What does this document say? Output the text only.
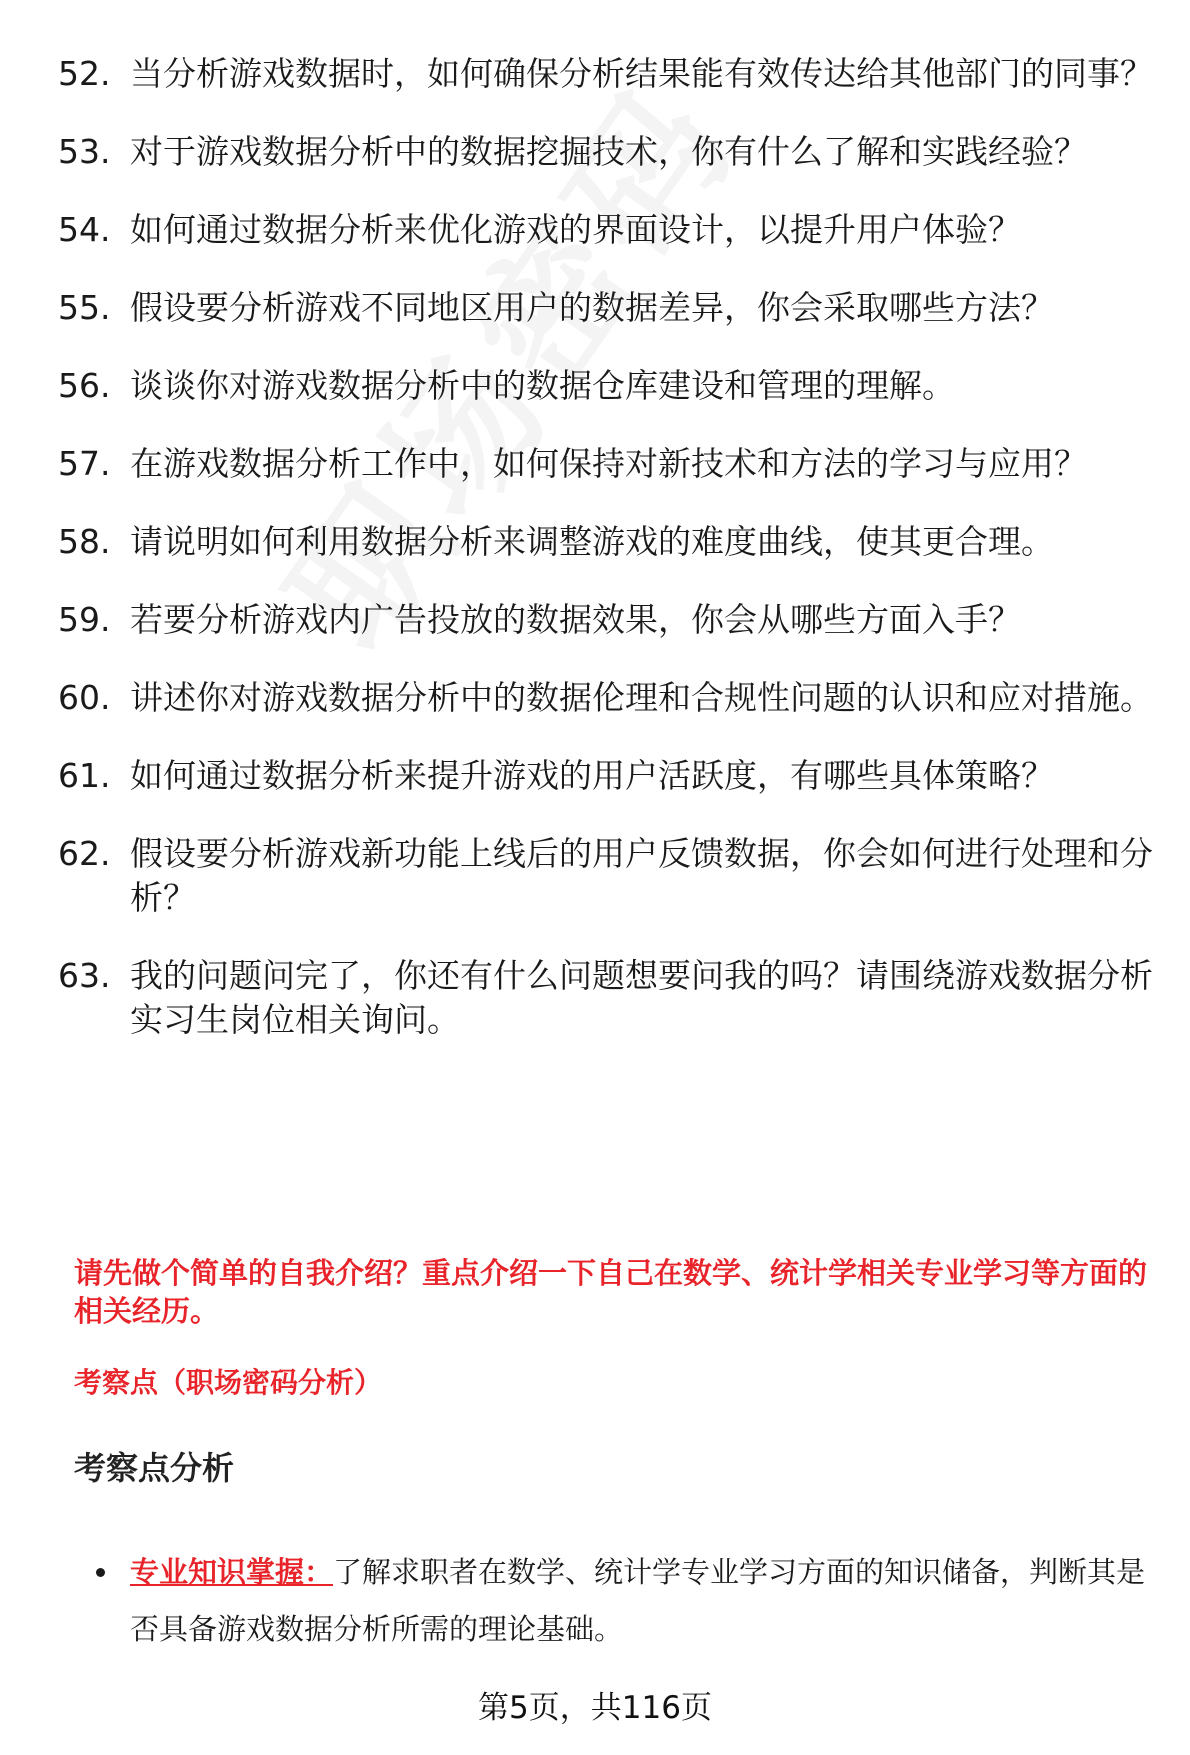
52. 当分析游戏数据时，如何确保分析结果能有效传达给其他部门的同事？
53. 对于游戏数据分析中的数据挖掘技术，你有什么了解和实践经验？
54. 如何通过数据分析来优化游戏的界面设计，以提升用户体验？
55. 假设要分析游戏不同地区用户的数据差异，你会采取哪些方法？
56. 谈谈你对游戏数据分析中的数据仓库建设和管理的理解。
57. 在游戏数据分析工作中，如何保持对新技术和方法的学习与应用？
58. 请说明如何利用数据分析来调整游戏的难度曲线，使其更合理。
59. 若要分析游戏内广告投放的数据效果，你会从哪些方面入手？
60. 讲述你对游戏数据分析中的数据伦理和合规性问题的认识和应对措施。
61. 如何通过数据分析来提升游戏的用户活跃度，有哪些具体策略？
62. 假设要分析游戏新功能上线后的用户反馈数据，你会如何进行处理和分析？
63. 我的问题问完了，你还有什么问题想要问我的吗？请围绕游戏数据分析实习生岗位相关询问。
请先做个简单的自我介绍？重点介绍一下自己在数学、统计学相关专业学习等方面的相关经历。
考察点（职场密码分析）
考察点分析
专业知识掌握：了解求职者在数学、统计学专业学习方面的知识储备，判断其是否具备游戏数据分析所需的理论基础。
第5页，共116页
